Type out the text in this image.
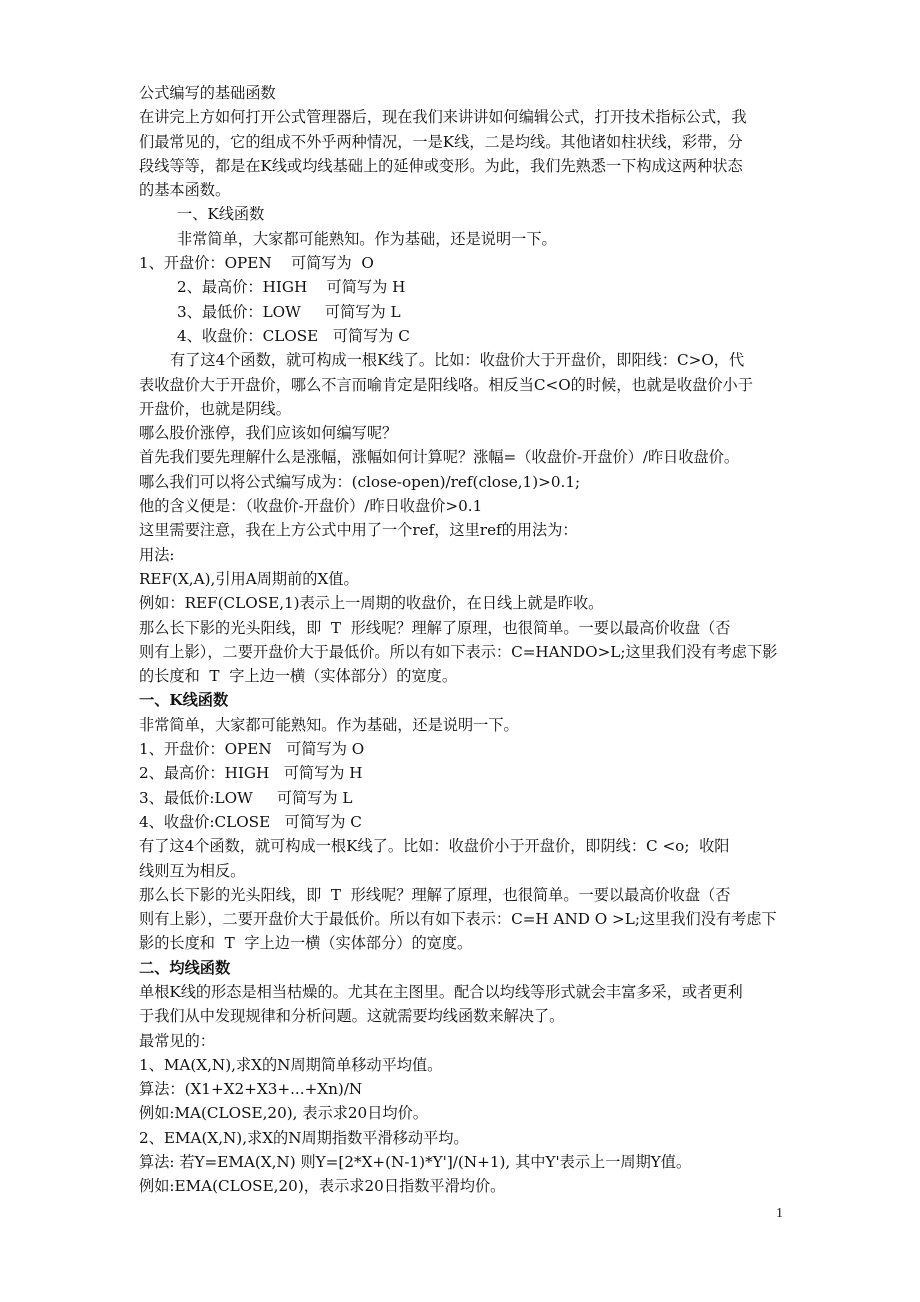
公式编写的基础函数
在讲完上方如何打开公式管理器后，现在我们来讲讲如何编辑公式，打开技术指标公式，我
们最常见的，它的组成不外乎两种情况，一是K线，二是均线。其他诸如柱状线，彩带，分
段线等等，都是在K线或均线基础上的延伸或变形。为此，我们先熟悉一下构成这两种状态
的基本函数。
一、K线函数
非常简单，大家都可能熟知。作为基础，还是说明一下。
1、开盘价：OPEN    可简写为  O
2、最高价：HIGH    可简写为 H
3、最低价：LOW     可简写为 L
4、收盘价：CLOSE   可简写为 C
有了这4个函数，就可构成一根K线了。比如：收盘价大于开盘价，即阳线：C>O，代
表收盘价大于开盘价，哪么不言而喻肯定是阳线咯。相反当C<O的时候，也就是收盘价小于
开盘价，也就是阴线。
哪么股价涨停，我们应该如何编写呢？
首先我们要先理解什么是涨幅，涨幅如何计算呢？涨幅=（收盘价-开盘价）/昨日收盘价。
哪么我们可以将公式编写成为：(close-open)/ref(close,1)>0.1;
他的含义便是：（收盘价-开盘价）/昨日收盘价>0.1
这里需要注意，我在上方公式中用了一个ref，这里ref的用法为：
用法:
REF(X,A),引用A周期前的X值。
例如：REF(CLOSE,1)表示上一周期的收盘价，在日线上就是昨收。
那么长下影的光头阳线，即  T  形线呢？理解了原理，也很简单。一要以最高价收盘（否
则有上影），二要开盘价大于最低价。所以有如下表示：C=HANDO>L;这里我们没有考虑下影
的长度和  T  字上边一横（实体部分）的宽度。
一、K线函数
非常简单，大家都可能熟知。作为基础，还是说明一下。
1、开盘价：OPEN   可简写为 O
2、最高价：HIGH   可简写为 H
3、最低价:LOW     可简写为 L
4、收盘价:CLOSE   可简写为 C
有了这4个函数，就可构成一根K线了。比如：收盘价小于开盘价，即阴线：C <o;  收阳
线则互为相反。
那么长下影的光头阳线，即  T  形线呢？理解了原理，也很简单。一要以最高价收盘（否
则有上影），二要开盘价大于最低价。所以有如下表示：C=H AND O >L;这里我们没有考虑下
影的长度和  T  字上边一横（实体部分）的宽度。
二、均线函数
单根K线的形态是相当枯燥的。尤其在主图里。配合以均线等形式就会丰富多采，或者更利
于我们从中发现规律和分析问题。这就需要均线函数来解决了。
最常见的：
1、MA(X,N),求X的N周期简单移动平均值。
算法：(X1+X2+X3+...+Xn)/N
例如:MA(CLOSE,20), 表示求20日均价。
2、EMA(X,N),求X的N周期指数平滑移动平均。
算法: 若Y=EMA(X,N) 则Y=[2*X+(N-1)*Y']/(N+1), 其中Y'表示上一周期Y值。
例如:EMA(CLOSE,20)，表示求20日指数平滑均价。
1
